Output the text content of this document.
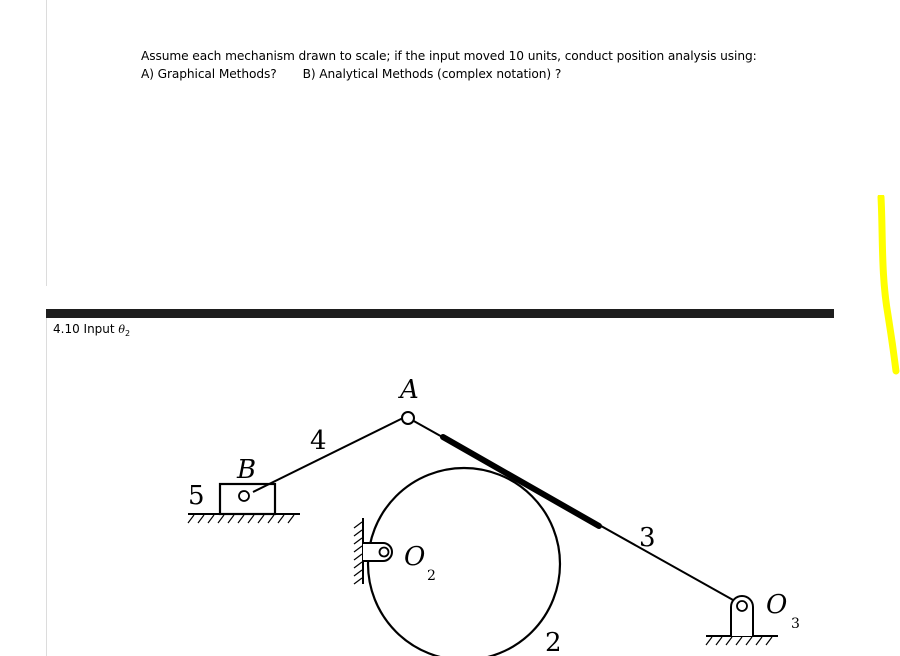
Assume each mechanism drawn to scale; if the input moved 10 units, conduct position analysis using:
A) Graphical Methods? B) Analytical Methods (complex notation) ?
4.10 Input $\theta_2$
A
B
4
5
3
2
O
2
O
3
